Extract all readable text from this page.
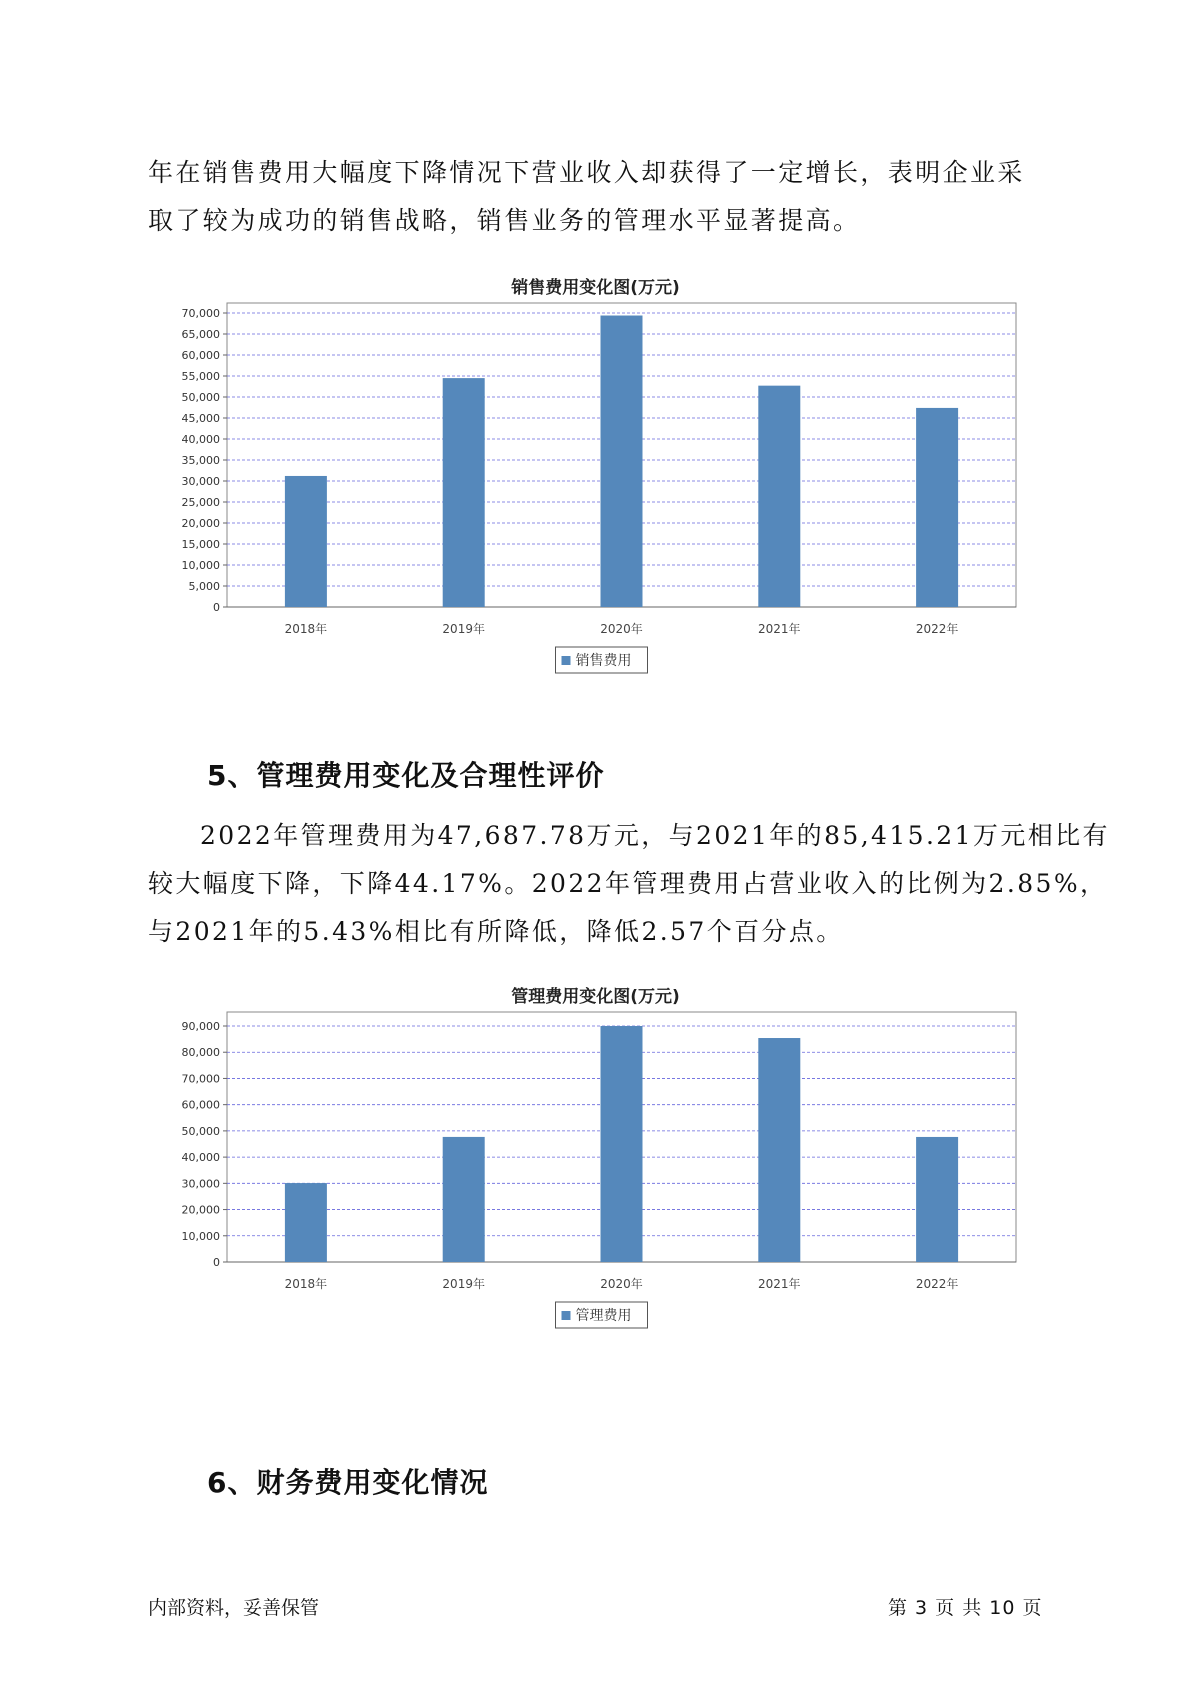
年在销售费用大幅度下降情况下营业收入却获得了一定增长，表明企业采
取了较为成功的销售战略，销售业务的管理水平显著提高。

销售费用变化图(万元)

0
5,000
10,000
15,000
20,000
25,000
30,000
35,000
40,000
45,000
50,000
55,000
60,000
65,000
70,000
2018年	2019年	2020年	2021年	2022年
销售费用
5、管理费用变化及合理性评价

2022年管理费用为47,687.78万元，与2021年的85,415.21万元相比有
较大幅度下降，下降44.17%。2022年管理费用占营业收入的比例为2.85%，
与2021年的5.43%相比有所降低，降低2.57个百分点。

管理费用变化图(万元)

0
10,000
20,000
30,000
40,000
50,000
60,000
70,000
80,000
90,000
2018年	2019年	2020年	2021年	2022年
管理费用
6、财务费用变化情况
内部资料，妥善保管	第 3 页 共 10 页
